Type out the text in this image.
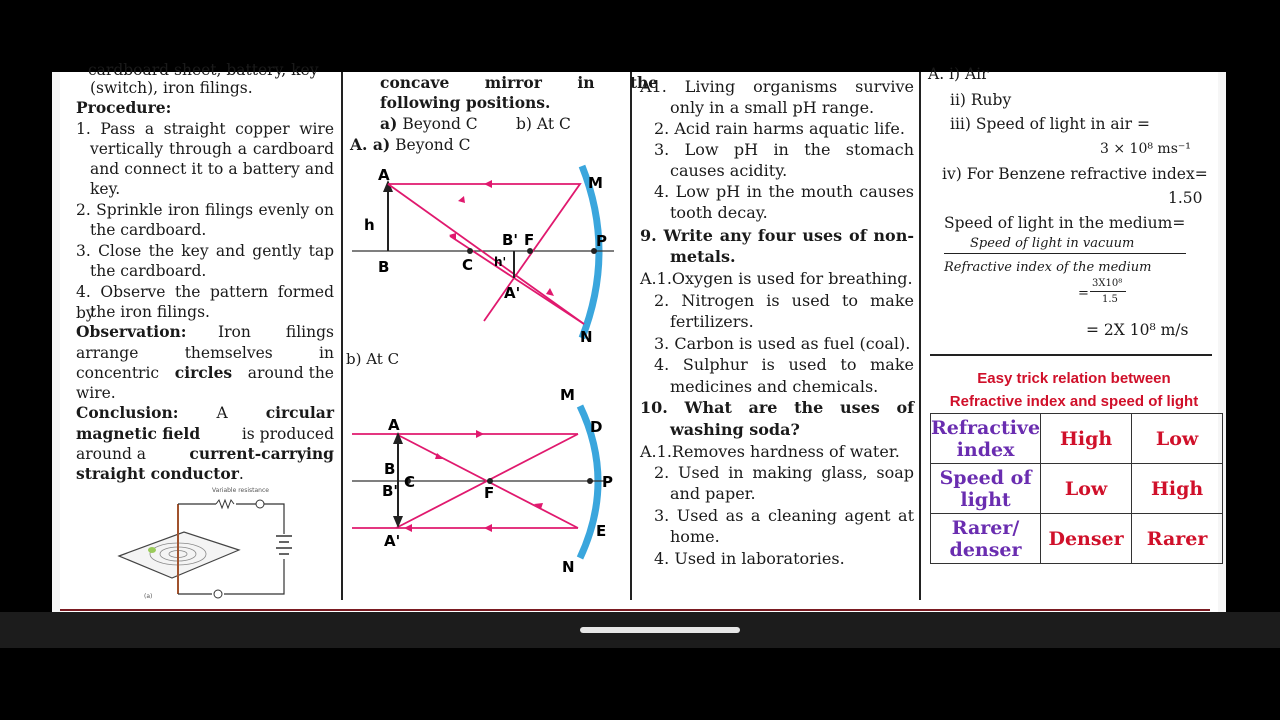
cardboard sheet, battery, key
(switch), iron filings.
Procedure:
1. Pass a straight copper wire
vertically through a cardboard
and connect it to a battery and
key.
2. Sprinkle iron filings evenly on
the cardboard.
3. Close the key and gently tap
the cardboard.
4. Observe the pattern formed by
the iron filings.
Observation: Iron filings
arrange themselves in
concentric circles around the
wire.
Conclusion: A circular
magnetic field	is produced
around a	current-carrying
straight conductor.
Variable resistance
(a)
concave mirror in the
following positions.
a) Beyond C b) At C
A. a) Beyond C
A	M
h
B	C
B' F	P
h'
A'
N
b) At C
M
A	D
B
C
B'	F
P
A'
E
N
A1. Living organisms survive
only in a small pH range.
2. Acid rain harms aquatic life.
3. Low pH in the stomach
causes acidity.
4. Low pH in the mouth causes
tooth decay.
9. Write any four uses of non-
metals.
A.1.Oxygen is used for breathing.
2. Nitrogen is used to make
fertilizers.
3. Carbon is used as fuel (coal).
4. Sulphur is used to make
medicines and chemicals.
10. What are the uses of
washing soda?
A.1.Removes hardness of water.
2. Used in making glass, soap
and paper.
3. Used as a cleaning agent at
home.
4. Used in laboratories.
A. i) Air
ii) Ruby
iii) Speed of light in air =
3 × 10⁸ ms⁻¹
iv) For Benzene refractive index=
1.50
Speed of light in the medium=
Speed of light in vacuum
Refractive index of the medium
=
3X10⁸
1.5
= 2X 10⁸ m/s
Easy trick relation between
Refractive index and speed of light
Refractive
index	High	Low
Speed of
light	Low	High
Rarer/
denser	Denser	Rarer
